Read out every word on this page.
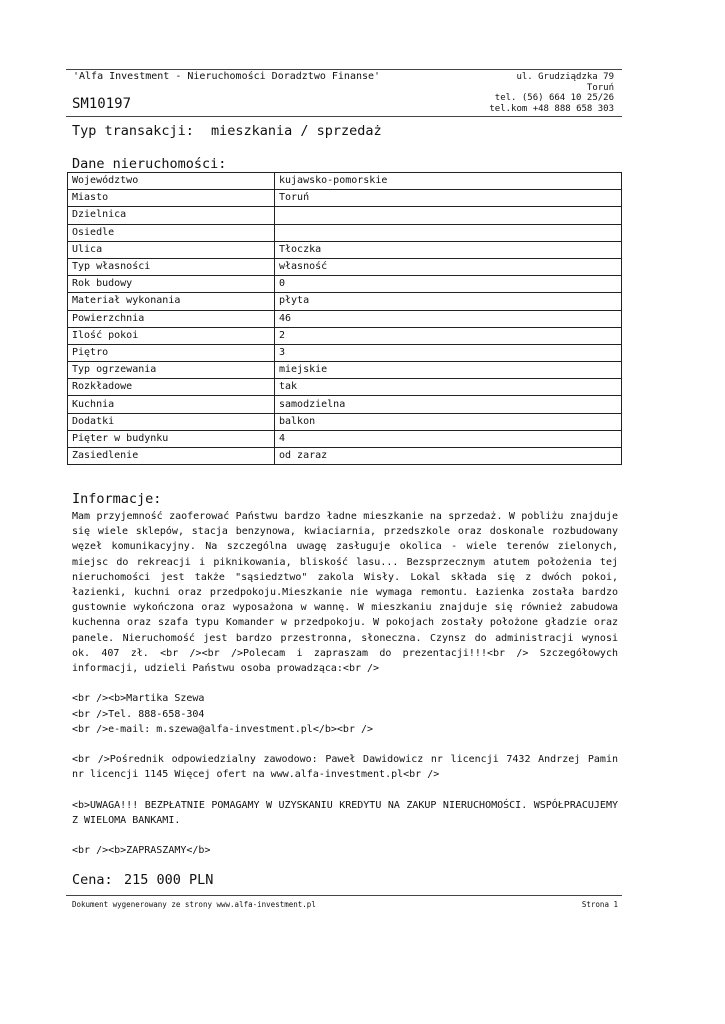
'Alfa Investment - Nieruchomości Doradztwo Finanse'
SM10197
ul. Grudziądzka 79
Toruń
tel. (56) 664 10 25/26
tel.kom +48 888 658 303
Typ transakcji: mieszkania / sprzedaż
Dane nieruchomości:
Województwo	kujawsko-pomorskie
Miasto	Toruń
Dzielnica	
Osiedle	
Ulica	Tłoczka
Typ własności	własność
Rok budowy	0
Materiał wykonania	płyta
Powierzchnia	46
Ilość pokoi	2
Piętro	3
Typ ogrzewania	miejskie
Rozkładowe	tak
Kuchnia	samodzielna
Dodatki	balkon
Pięter w budynku	4
Zasiedlenie	od zaraz
Informacje:

Mam przyjemność zaoferować Państwu bardzo ładne mieszkanie na sprzedaż. W pobliżu znajduje się wiele sklepów, stacja benzynowa, kwiaciarnia, przedszkole oraz doskonale rozbudowany węzeł komunikacyjny. Na szczególna uwagę zasługuje okolica - wiele terenów zielonych, miejsc do rekreacji i piknikowania, bliskość lasu... Bezsprzecznym atutem położenia tej nieruchomości jest także "sąsiedztwo" zakola Wisły. Lokal składa się z dwóch pokoi, łazienki, kuchni oraz przedpokoju.Mieszkanie nie wymaga remontu. Łazienka została bardzo gustownie wykończona oraz wyposażona w wannę. W mieszkaniu znajduje się również zabudowa kuchenna oraz szafa typu Komander w przedpokoju. W pokojach zostały położone gładzie oraz panele. Nieruchomość jest bardzo przestronna, słoneczna. Czynsz do administracji wynosi ok. 407 zł. <br /><br />Polecam i zapraszam do prezentacji!!!<br /> Szczegółowych informacji, udzieli Państwu osoba prowadząca:<br />

<br /><b>Martika Szewa
<br />Tel. 888-658-304
<br />e-mail: m.szewa@alfa-investment.pl</b><br />

<br />Pośrednik odpowiedzialny zawodowo: Paweł Dawidowicz nr licencji 7432 Andrzej Pamin nr licencji 1145 Więcej ofert na www.alfa-investment.pl<br />

<b>UWAGA!!! BEZPŁATNIE POMAGAMY W UZYSKANIU KREDYTU NA ZAKUP NIERUCHOMOŚCI. WSPÓŁPRACUJEMY Z WIELOMA BANKAMI.

<br /><b>ZAPRASZAMY</b>

Cena: 215 000 PLN
Dokument wygenerowany ze strony www.alfa-investment.pl	Strona 1
